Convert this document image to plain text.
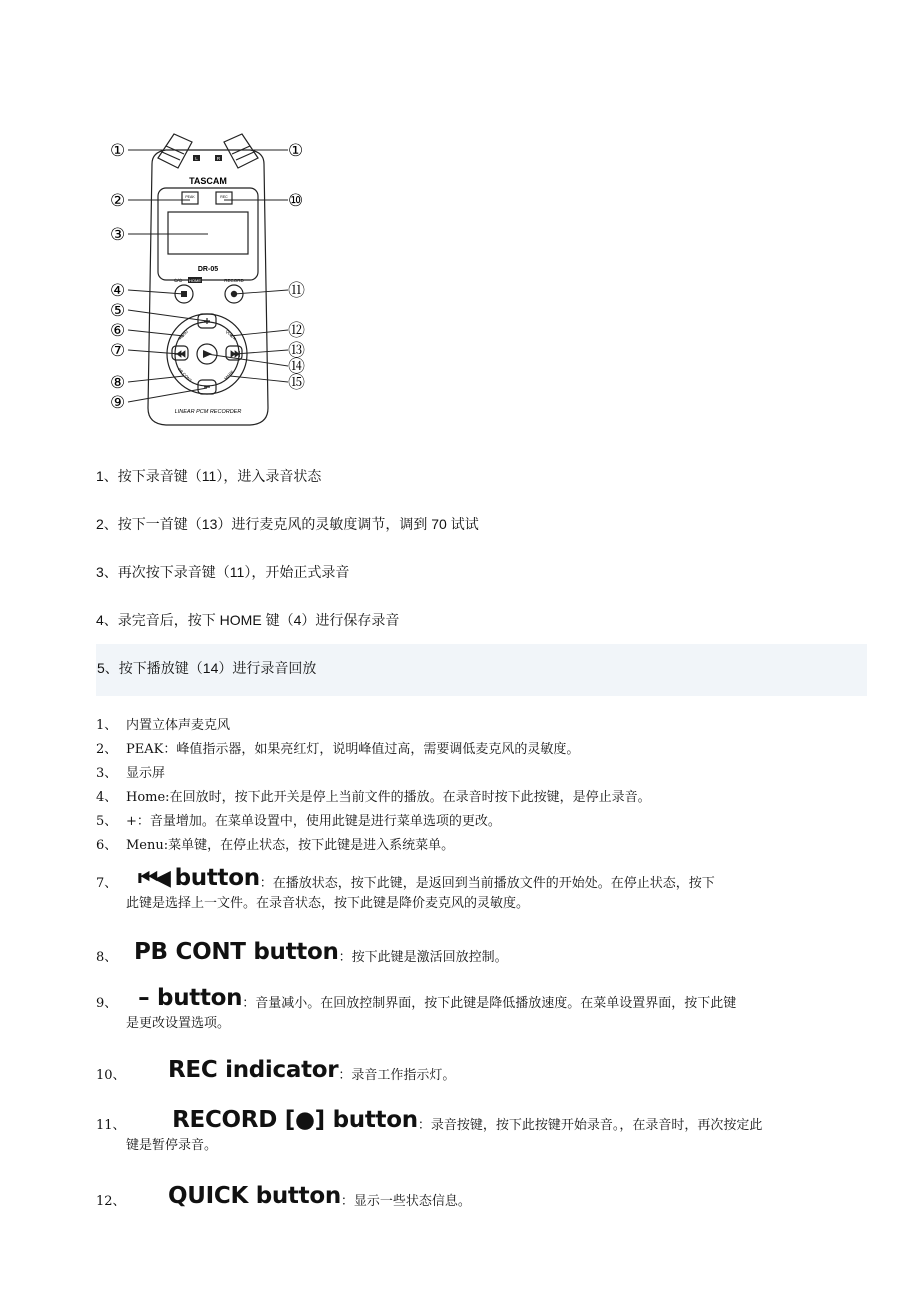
TASCAM
DR-05
LINEAR PCM RECORDER
PEAK	REC
L	R
⏻/⏻ HOME	RECORD
MENU	QUICK
PB CONT	MARK
①	①
②	⑩
③
④	⑪
⑤
⑥	⑫
⑦	⑬
⑭
⑧	⑮
⑨
1、按下录音键（11），进入录音状态
2、按下一首键（13）进行麦克风的灵敏度调节，调到 70 试试
3、再次按下录音键（11），开始正式录音
4、录完音后，按下 HOME 键（4）进行保存录音
5、按下播放键（14）进行录音回放
1、 内置立体声麦克风
2、 PEAK：峰值指示器，如果亮红灯，说明峰值过高，需要调低麦克风的灵敏度。
3、 显示屏
4、 Home:在回放时，按下此开关是停上当前文件的播放。在录音时按下此按键，是停止录音。
5、 +：音量增加。在菜单设置中，使用此键是进行菜单选项的更改。
6、 Menu:菜单键，在停止状态，按下此键是进入系统菜单。
7、 ⏮◀ button：在播放状态，按下此键，是返回到当前播放文件的开始处。在停止状态，按下
此键是选择上一文件。在录音状态，按下此键是降价麦克风的灵敏度。
8、 PB CONT button：按下此键是激活回放控制。
9、 – button：音量减小。在回放控制界面，按下此键是降低播放速度。在菜单设置界面，按下此键
是更改设置选项。
10、 REC indicator：录音工作指示灯。
11、 RECORD [●] button：录音按键，按下此按键开始录音。，在录音时，再次按定此
键是暂停录音。
12、 QUICK button：显示一些状态信息。
